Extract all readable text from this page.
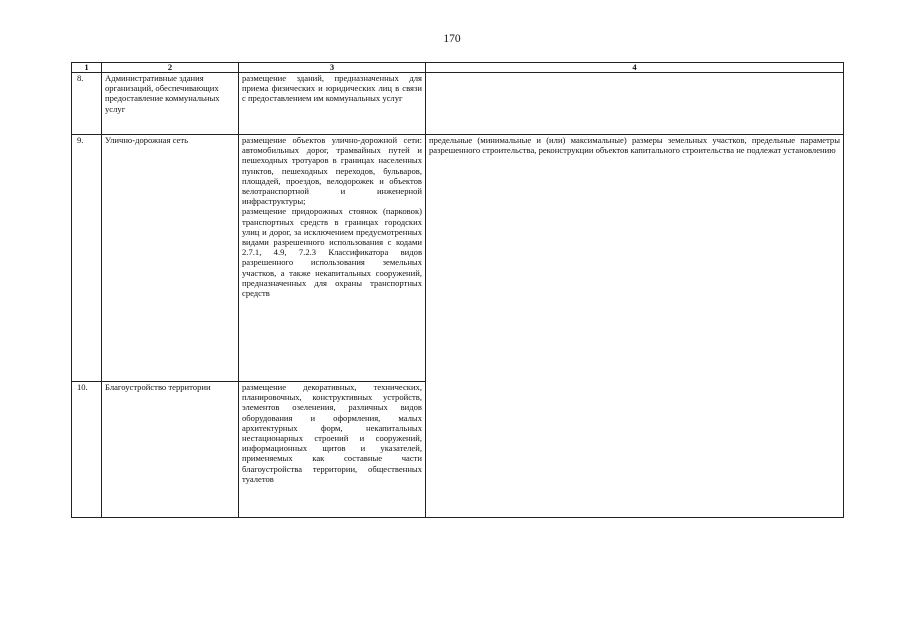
170
1	2	3	4
8.	Административные здания организаций, обеспечивающих предоставление коммунальных услуг	размещение зданий, предназначенных для приема физических и юридических лиц в связи с предоставлением им коммунальных услуг	

9.	Улично-дорожная сеть	размещение объектов улично-дорожной сети: автомобильных дорог, трамвайных путей и пешеходных тротуаров в границах населенных пунктов, пешеходных переходов, бульваров, площадей, проездов, велодорожек и объектов велотранспортной и инженерной инфраструктуры;
размещение придорожных стоянок (парковок) транспортных средств в границах городских улиц и дорог, за исключением предусмотренных видами разрешенного использования с кодами 2.7.1, 4.9, 7.2.3 Классификатора видов разрешенного использования земельных участков, а также некапитальных сооружений, предназначенных для охраны транспортных средств	предельные (минимальные и (или) максимальные) размеры земельных участков, предельные параметры разрешенного строительства, реконструкции объектов капитального строительства не подлежат установлению
10.	Благоустройство территории	размещение декоративных, технических, планировочных, конструктивных устройств, элементов озеленения, различных видов оборудования и оформления, малых архитектурных форм, некапитальных нестационарных строений и сооружений, информационных щитов и указателей, применяемых как составные части благоустройства территории, общественных туалетов	
